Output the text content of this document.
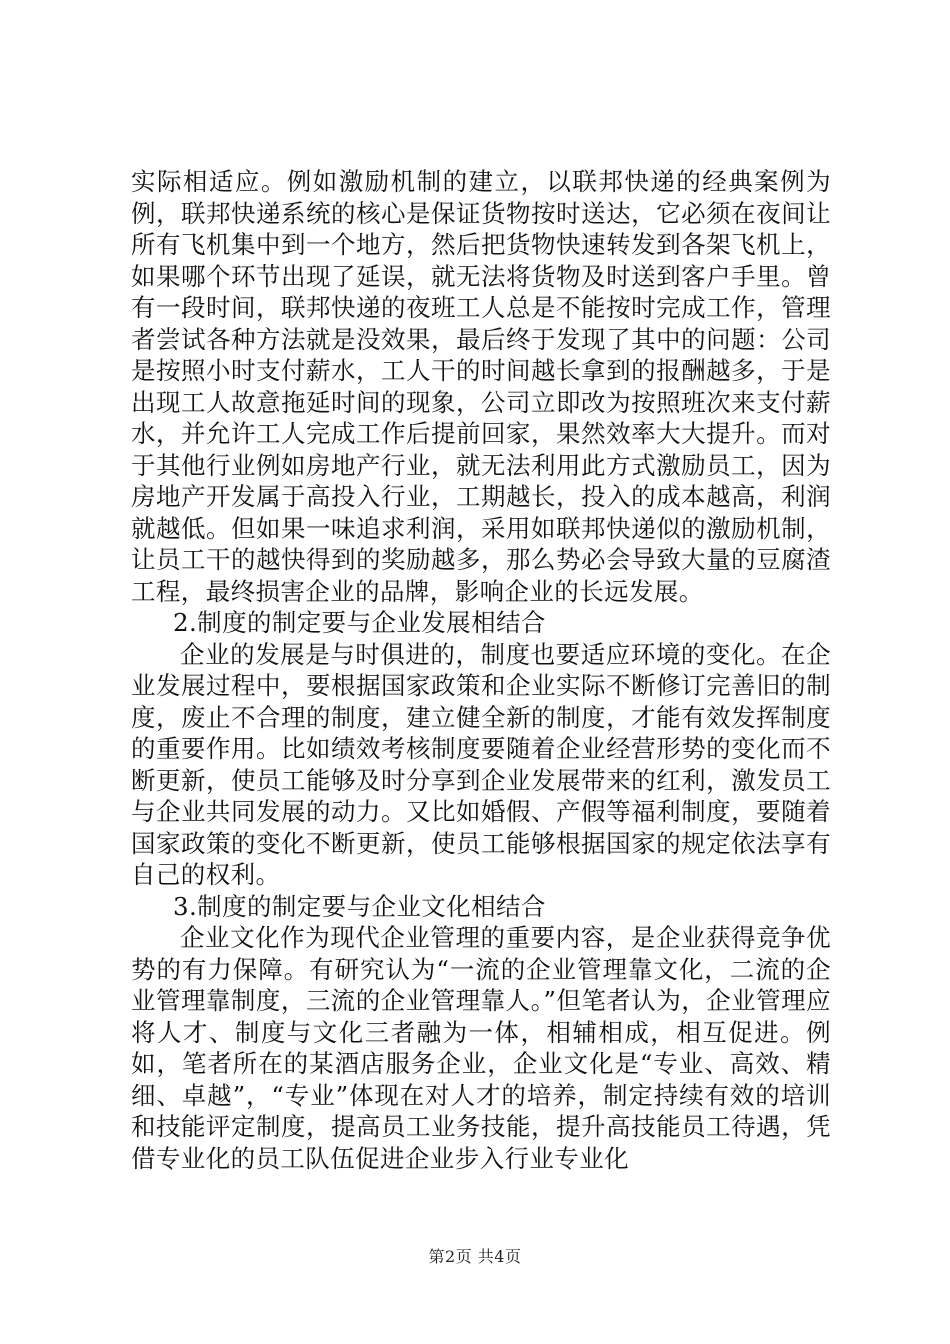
实际相适应。例如激励机制的建立，以联邦快递的经典案例为例，联邦快递系统的核心是保证货物按时送达，它必须在夜间让所有飞机集中到一个地方，然后把货物快速转发到各架飞机上，如果哪个环节出现了延误，就无法将货物及时送到客户手里。曾有一段时间，联邦快递的夜班工人总是不能按时完成工作，管理者尝试各种方法就是没效果，最后终于发现了其中的问题：公司是按照小时支付薪水，工人干的时间越长拿到的报酬越多，于是出现工人故意拖延时间的现象，公司立即改为按照班次来支付薪水，并允许工人完成工作后提前回家，果然效率大大提升。而对于其他行业例如房地产行业，就无法利用此方式激励员工，因为房地产开发属于高投入行业，工期越长，投入的成本越高，利润就越低。但如果一味追求利润，采用如联邦快递似的激励机制，让员工干的越快得到的奖励越多，那么势必会导致大量的豆腐渣工程，最终损害企业的品牌，影响企业的长远发展。

2.制度的制定要与企业发展相结合

企业的发展是与时俱进的，制度也要适应环境的变化。在企业发展过程中，要根据国家政策和企业实际不断修订完善旧的制度，废止不合理的制度，建立健全新的制度，才能有效发挥制度的重要作用。比如绩效考核制度要随着企业经营形势的变化而不断更新，使员工能够及时分享到企业发展带来的红利，激发员工与企业共同发展的动力。又比如婚假、产假等福利制度，要随着国家政策的变化不断更新，使员工能够根据国家的规定依法享有自己的权利。

3.制度的制定要与企业文化相结合

企业文化作为现代企业管理的重要内容，是企业获得竞争优势的有力保障。有研究认为“一流的企业管理靠文化，二流的企业管理靠制度，三流的企业管理靠人。”但笔者认为，企业管理应将人才、制度与文化三者融为一体，相辅相成，相互促进。例如，笔者所在的某酒店服务企业，企业文化是“专业、高效、精细、卓越”，“专业”体现在对人才的培养，制定持续有效的培训和技能评定制度，提高员工业务技能，提升高技能员工待遇，凭借专业化的员工队伍促进企业步入行业专业化

第2页 共4页
